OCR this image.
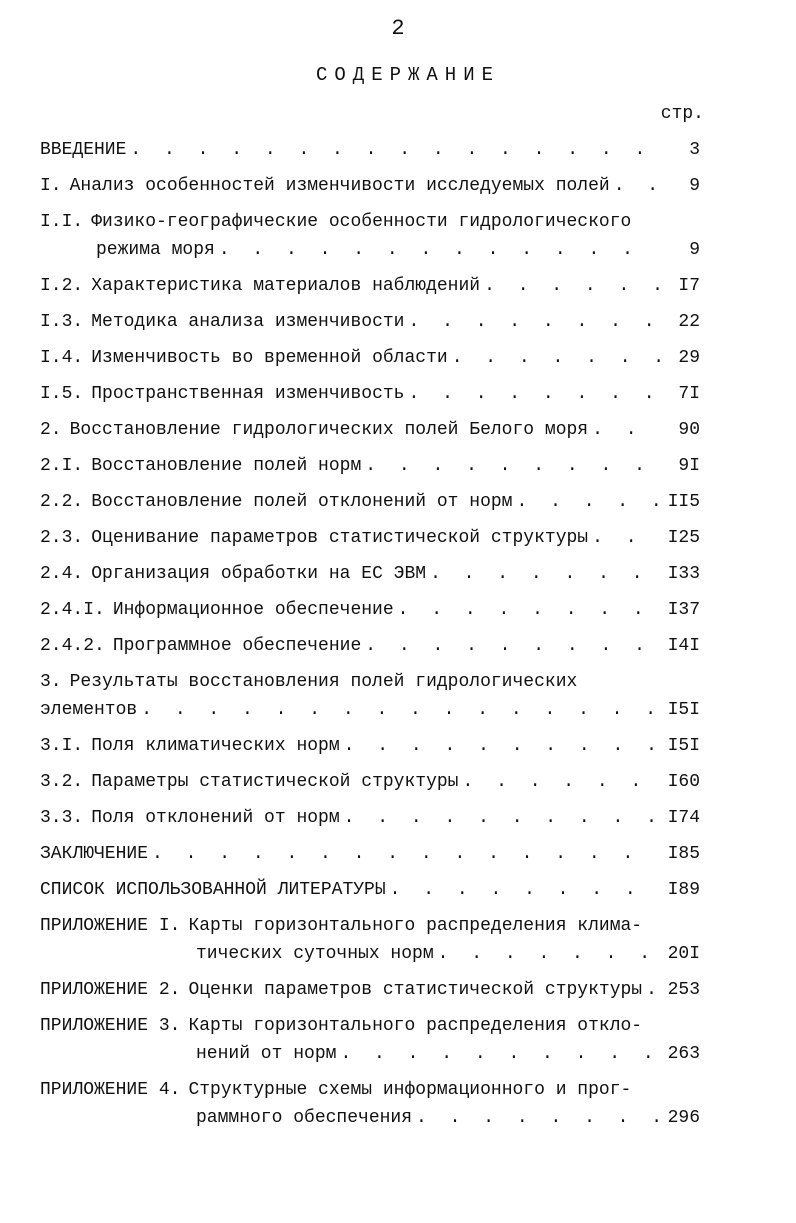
2
СОДЕРЖАНИЕ
стр.
ВВЕДЕНИЕ . . .	3
I. Анализ особенностей изменчивости исследуемых полей . . .	9
I.I. Физико-географические особенности гидрологического
режима моря . . .	9
I.2. Характеристика материалов наблюдений . . .	I7
I.3. Методика анализа изменчивости . . .	22
I.4. Изменчивость во временной области . . .	29
I.5. Пространственная изменчивость . . .	7I
2. Восстановление гидрологических полей Белого моря . . .	90
2.I. Восстановление полей норм . . .	9I
2.2. Восстановление полей отклонений от норм . . .	II5
2.3. Оценивание параметров статистической структуры . . .	I25
2.4. Организация обработки на ЕС ЭВМ . . .	I33
2.4.I. Информационное обеспечение . . .	I37
2.4.2. Программное обеспечение . . .	I4I
3. Результаты восстановления полей гидрологических
элементов . . .	I5I
3.I. Поля климатических норм . . .	I5I
3.2. Параметры статистической структуры . . .	I60
3.3. Поля отклонений от норм . . .	I74
ЗАКЛЮЧЕНИЕ . . .	I85
СПИСОК ИСПОЛЬЗОВАННОЙ ЛИТЕРАТУРЫ . . .	I89
ПРИЛОЖЕНИЕ I. Карты горизонтального распределения клима-
тических суточных норм . . .	20I
ПРИЛОЖЕНИЕ 2. Оценки параметров статистической структуры . . . 253
ПРИЛОЖЕНИЕ 3. Карты горизонтального распределения откло-
нений от норм . . .	263
ПРИЛОЖЕНИЕ 4. Структурные схемы информационного и прог-
раммного обеспечения . . .	296
